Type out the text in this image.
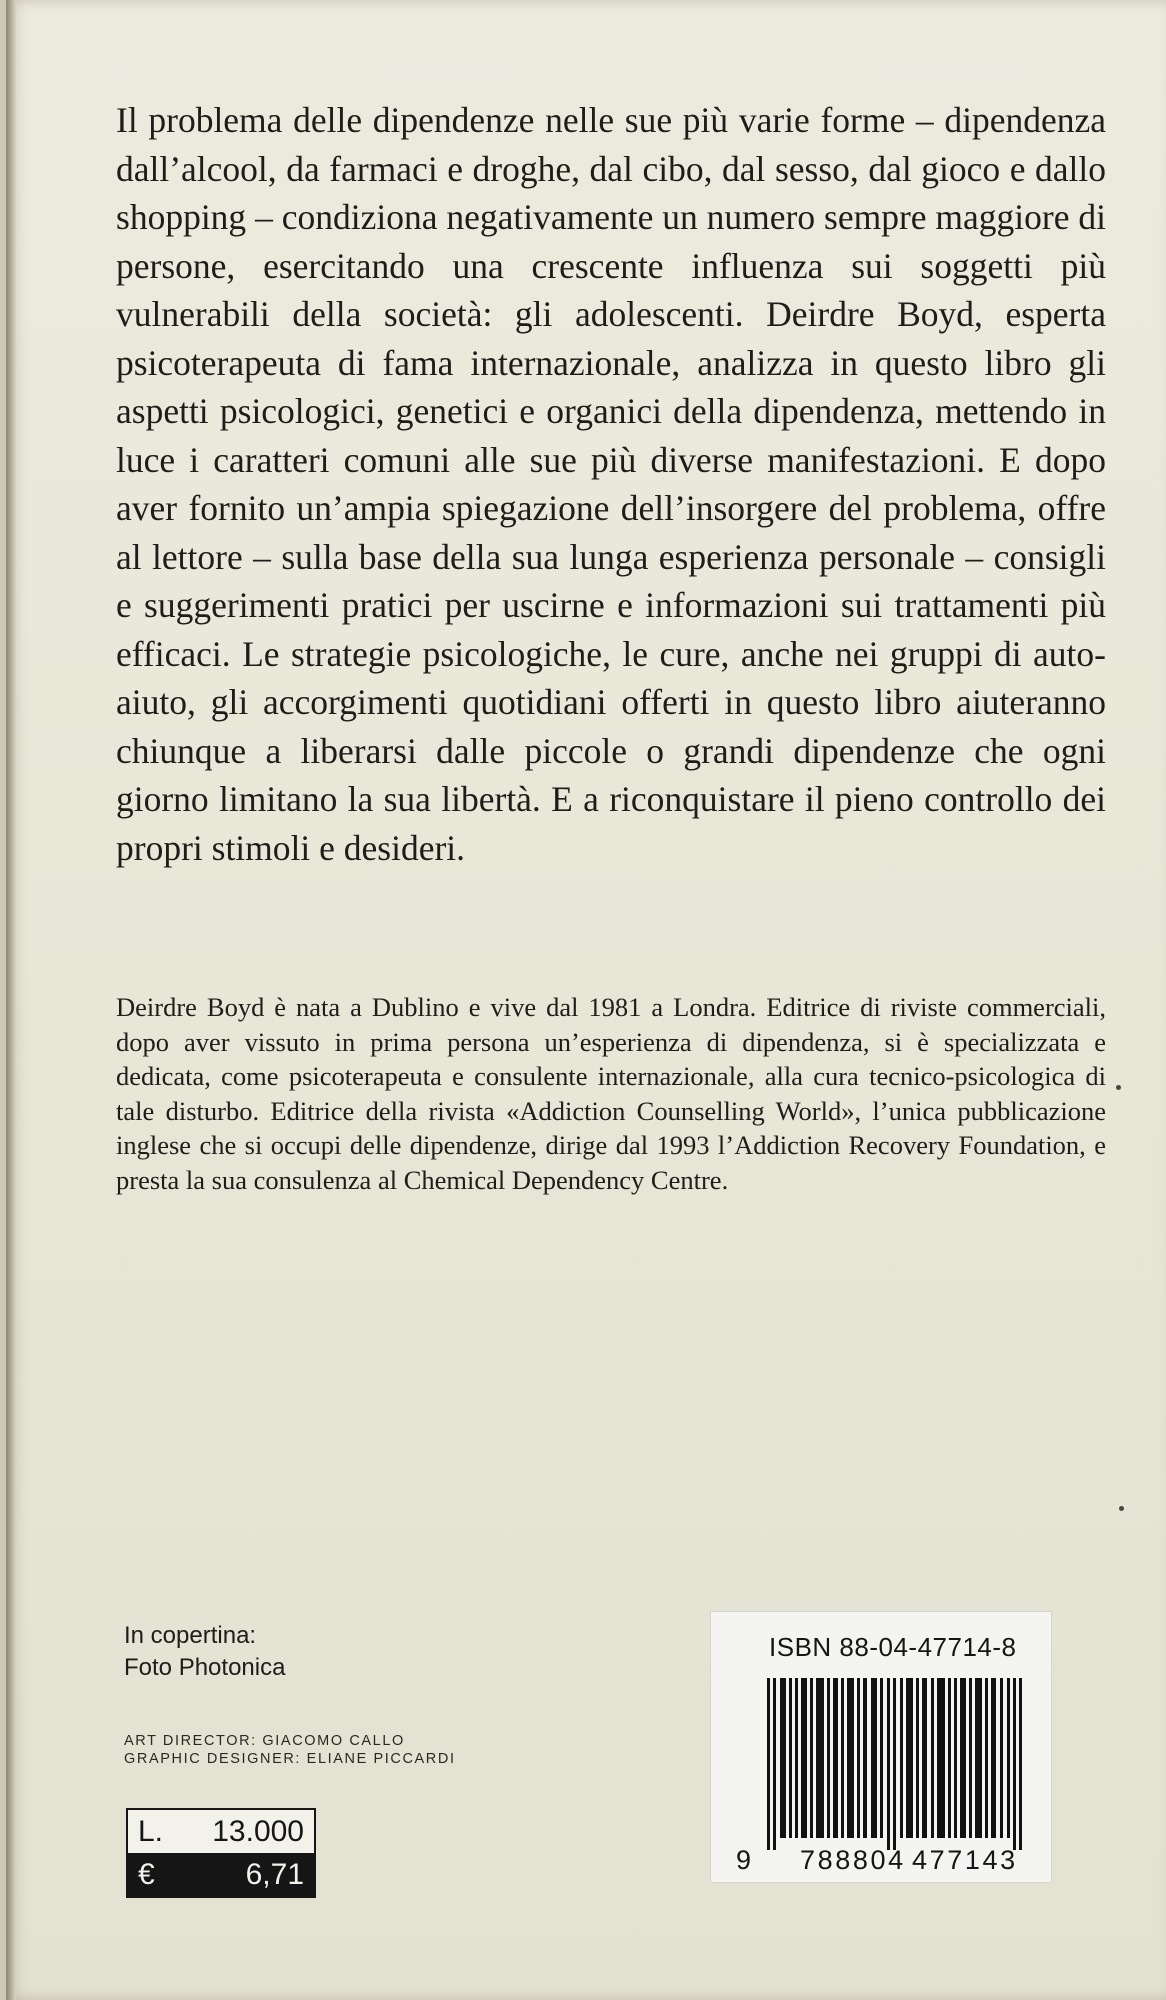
Il problema delle dipendenze nelle sue più varie forme – dipendenza dall’alcool, da farmaci e droghe, dal cibo, dal sesso, dal gioco e dallo shopping – condiziona negativamente un numero sempre maggiore di persone, esercitando una crescente influenza sui soggetti più vulnerabili della società: gli adolescenti. Deirdre Boyd, esperta psicoterapeuta di fama internazionale, analizza in questo libro gli aspetti psicologici, genetici e organici della dipendenza, mettendo in luce i caratteri comuni alle sue più diverse manifestazioni. E dopo aver fornito un’ampia spiegazione dell’insorgere del problema, offre al lettore – sulla base della sua lunga esperienza personale – consigli e suggerimenti pratici per uscirne e informazioni sui trattamenti più efficaci. Le strategie psicologiche, le cure, anche nei gruppi di auto-aiuto, gli accorgimenti quotidiani offerti in questo libro aiuteranno chiunque a liberarsi dalle piccole o grandi dipendenze che ogni giorno limitano la sua libertà. E a riconquistare il pieno controllo dei propri stimoli e desideri.
Deirdre Boyd è nata a Dublino e vive dal 1981 a Londra. Editrice di riviste commerciali, dopo aver vissuto in prima persona un’esperienza di dipendenza, si è specializzata e dedicata, come psicoterapeuta e consulente internazionale, alla cura tecnico-psicologica di tale disturbo. Editrice della rivista «Addiction Counselling World», l’unica pubblicazione inglese che si occupi delle dipendenze, dirige dal 1993 l’Addiction Recovery Foundation, e presta la sua consulenza al Chemical Dependency Centre.
In copertina:
Foto Photonica
ART DIRECTOR: GIACOMO CALLO
GRAPHIC DESIGNER: ELIANE PICCARDI
L.	13.000
€	6,71
ISBN 88-04-47714-8
9 788804 477143
